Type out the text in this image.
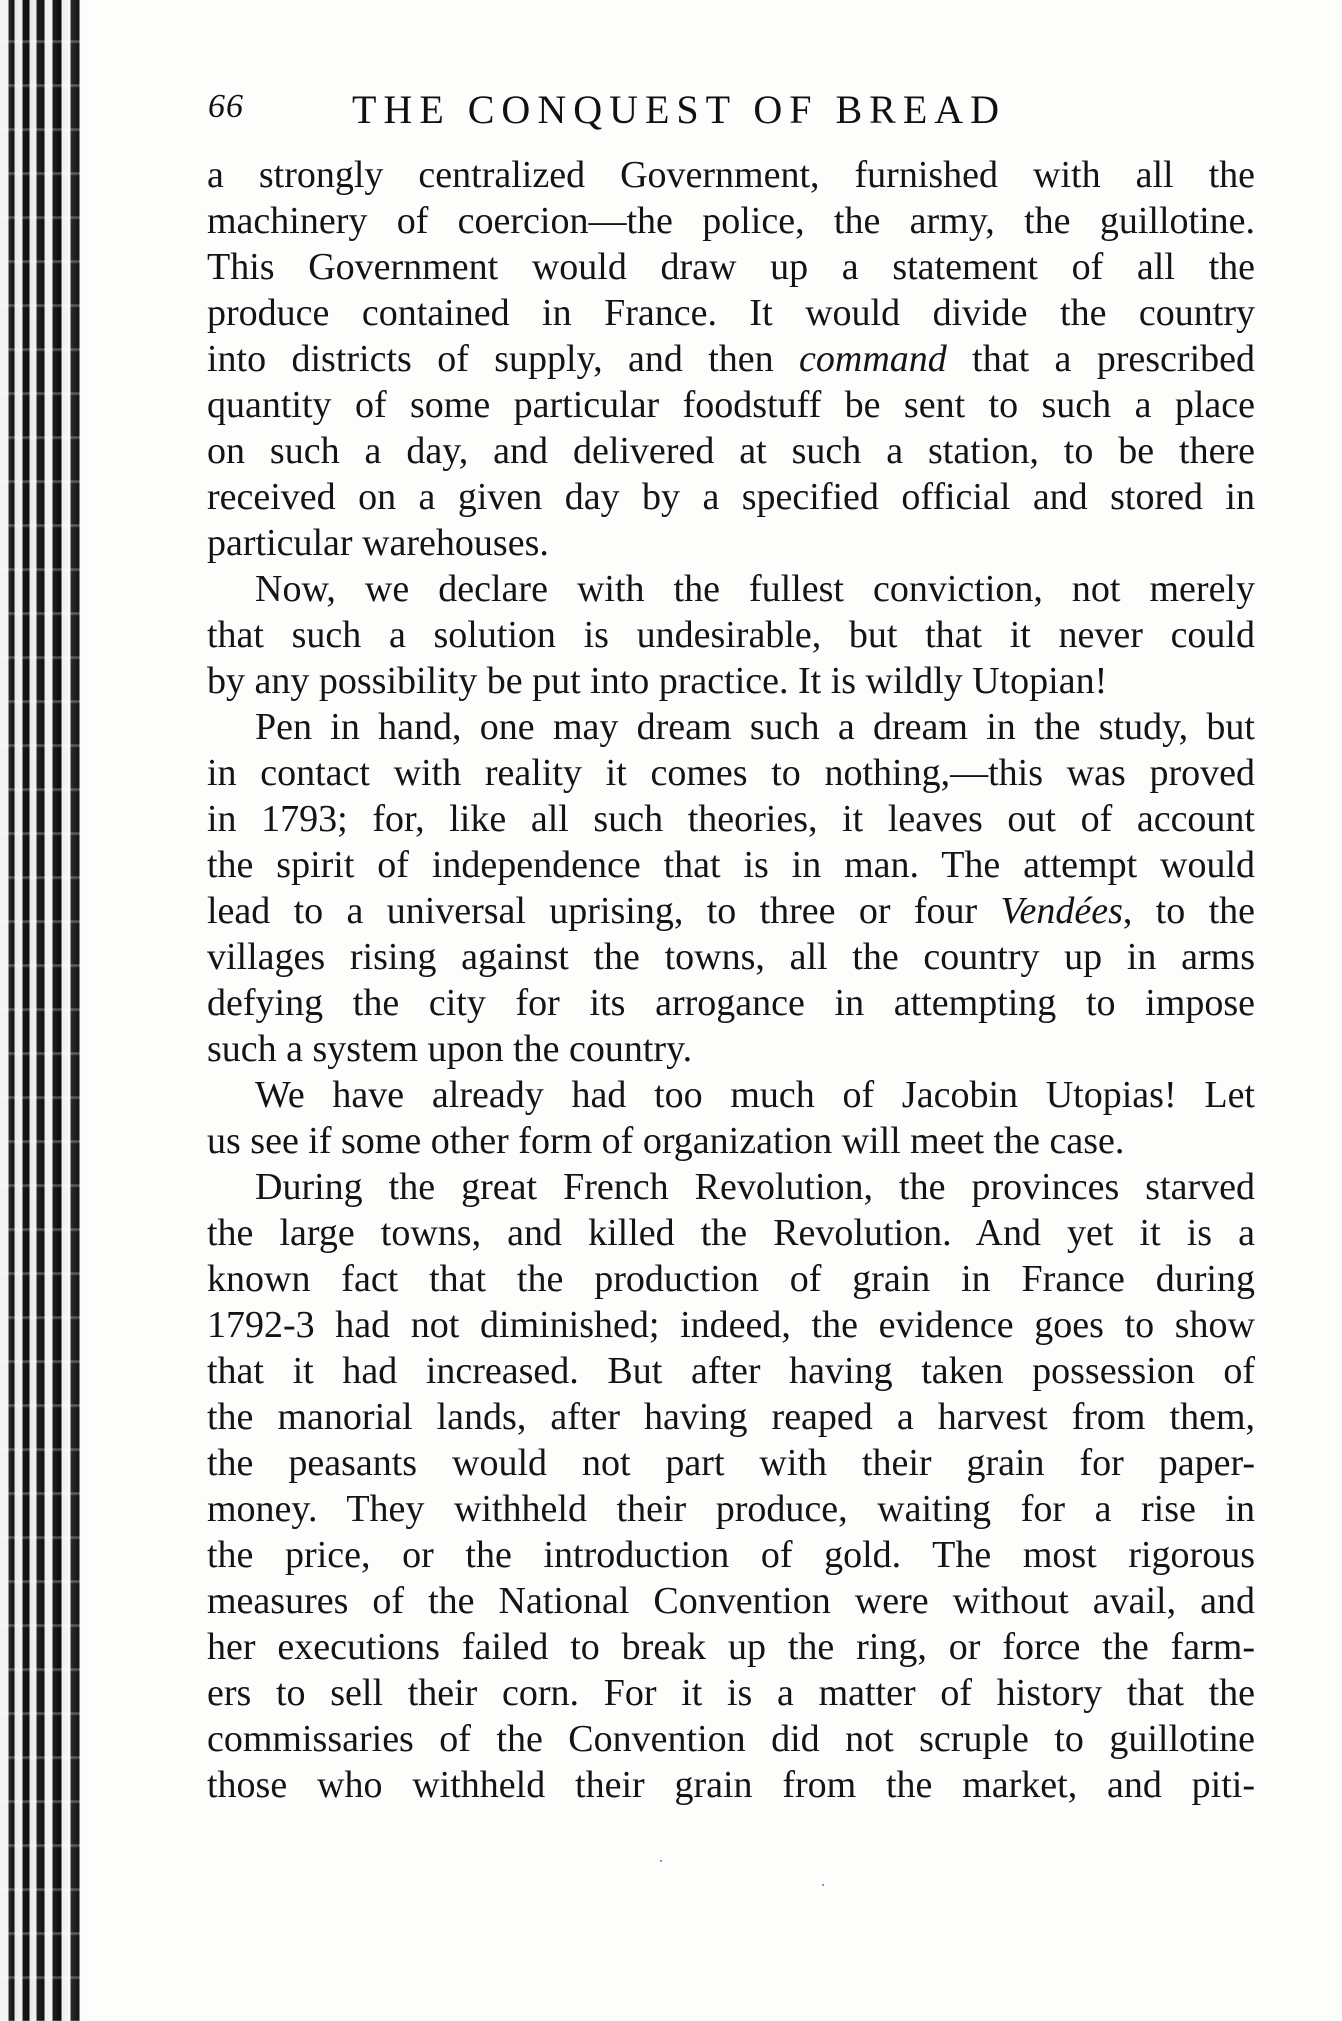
66	THE CONQUEST OF BREAD
a strongly centralized Government, furnished with all the
machinery of coercion—the police, the army, the guillotine.
This Government would draw up a statement of all the
produce contained in France. It would divide the country
into districts of supply, and then command that a prescribed
quantity of some particular foodstuff be sent to such a place
on such a day, and delivered at such a station, to be there
received on a given day by a specified official and stored in
particular warehouses.
Now, we declare with the fullest conviction, not merely
that such a solution is undesirable, but that it never could
by any possibility be put into practice. It is wildly Utopian!
Pen in hand, one may dream such a dream in the study, but
in contact with reality it comes to nothing,—this was proved
in 1793; for, like all such theories, it leaves out of account
the spirit of independence that is in man. The attempt would
lead to a universal uprising, to three or four Vendées, to the
villages rising against the towns, all the country up in arms
defying the city for its arrogance in attempting to impose
such a system upon the country.
We have already had too much of Jacobin Utopias! Let
us see if some other form of organization will meet the case.
During the great French Revolution, the provinces starved
the large towns, and killed the Revolution. And yet it is a
known fact that the production of grain in France during
1792-3 had not diminished; indeed, the evidence goes to show
that it had increased. But after having taken possession of
the manorial lands, after having reaped a harvest from them,
the peasants would not part with their grain for paper-
money. They withheld their produce, waiting for a rise in
the price, or the introduction of gold. The most rigorous
measures of the National Convention were without avail, and
her executions failed to break up the ring, or force the farm-
ers to sell their corn. For it is a matter of history that the
commissaries of the Convention did not scruple to guillotine
those who withheld their grain from the market, and piti-
